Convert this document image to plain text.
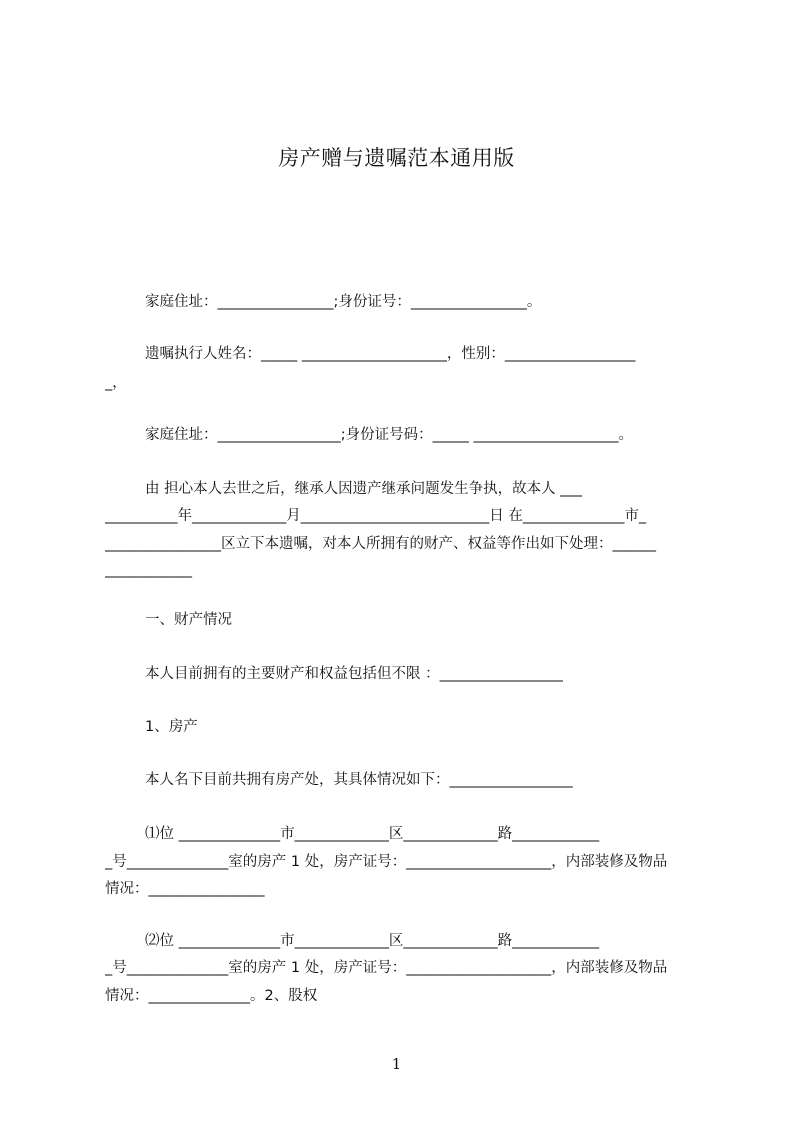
房产赠与遗嘱范本通用版
家庭住址：________________;身份证号：________________。
遗嘱执行人姓名：_____ ____________________，性别：__________________
_，
家庭住址：_________________;身份证号码：_____ ____________________。
由 担心本人去世之后，继承人因遗产继承问题发生争执，故本人 ___
__________年_____________月__________________________日 在______________市_
________________区立下本遗嘱，对本人所拥有的财产、权益等作出如下处理：______
____________
一、财产情况
本人目前拥有的主要财产和权益包括但不限 ：_________________
1、房产
本人名下目前共拥有房产处，其具体情况如下：_________________
⑴位 ______________市_____________区_____________路____________
_号______________室的房产 1 处，房产证号：____________________，内部装修及物品
情况：________________
⑵位 ______________市_____________区_____________路____________
_号______________室的房产 1 处，房产证号：____________________，内部装修及物品
情况：______________。2、股权
1
